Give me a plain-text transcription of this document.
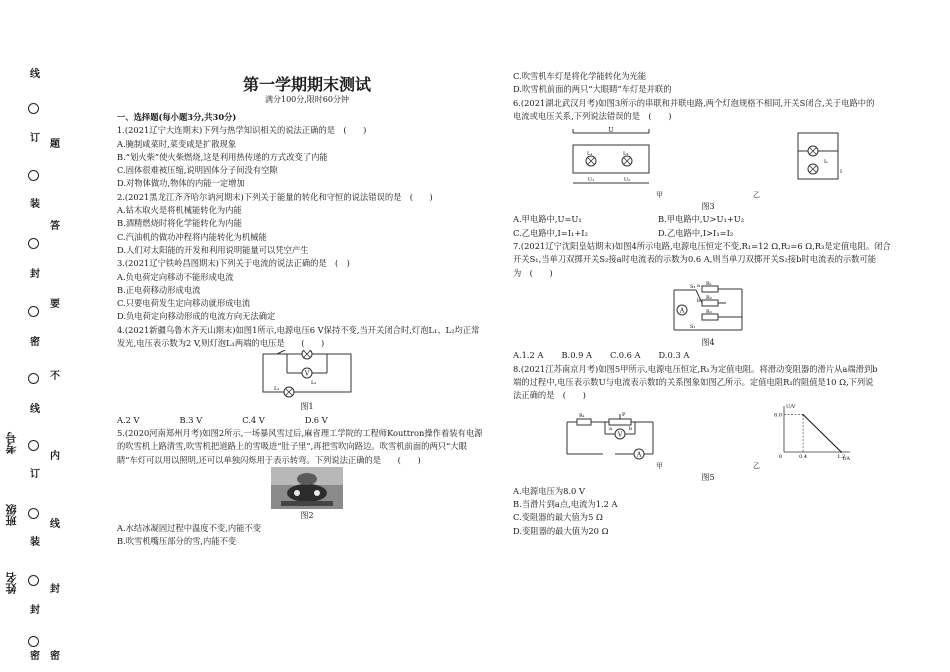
线
订
题
装
答
封
要
密
不
线
订
内
装
线
封
封
密 密
考号
班级
姓名
第一学期期末测试
满分100分,限时60分钟

一、选择题(每小题3分,共30分)

1.(2021辽宁大连期末)下列与热学知识相关的说法正确的是　(　　)

A.腌制咸菜时,菜变咸是扩散现象

B.“划火柴”使火柴燃烧,这是利用热传递的方式改变了内能

C.固体很难被压缩,说明固体分子间没有空隙

D.对物体做功,物体的内能一定增加

2.(2021黑龙江齐齐哈尔讷河期末)下列关于能量的转化和守恒的说法错误的是　(　　)

A.钻木取火是将机械能转化为内能

B.酒精燃烧时将化学能转化为内能

C.汽油机的做功冲程将内能转化为机械能

D.人们对太阳能的开发和利用说明能量可以凭空产生

3.(2021辽宁铁岭昌图期末)下列关于电流的说法正确的是　(　)

A.负电荷定向移动不能形成电流

B.正电荷移动形成电流

C.只要电荷发生定向移动就形成电流

D.负电荷定向移动形成的电流方向无法确定

4.(2021新疆乌鲁木齐天山期末)如图1所示,电源电压6 V保持不变,当开关闭合时,灯泡L₁、L₂均正常

发光,电压表示数为2 V,则灯泡L₁两端的电压是　　(　　)

V
L₁
L₂

图1

A.2 V	B.3 V	C.4 V	D.6 V

5.(2020河南郑州月考)如图2所示,一场暴风雪过后,麻省理工学院的工程师Kouttron操作着装有电源

的吹雪机上路清雪,吹雪机把道路上的雪吸进“肚子里”,再把雪吹向路边。吹雪机前面的两只“大眼

睛”车灯可以用以照明,还可以单独闪烁用于表示转弯。下列说法正确的是　　(　　)

图2

A.水结冰凝固过程中温度不变,内能不变

B.吹雪机嘴压部分的雪,内能不变

C.吹雪机车灯是将化学能转化为光能

D.吹雪机前面的两只“大眼睛”车灯是并联的

6.(2021湖北武汉月考)如图3所示的串联和并联电路,两个灯泡规格不相同,开关S闭合,关于电路中的

电流或电压关系,下列说法错误的是　(　　)

U
U₁	U₂
L₁	L₂
I₁
I
甲	乙

图3

A.甲电路中,U=U₁	B.甲电路中,U>U₁+U₂

C.乙电路中,I=I₁+I₂	D.乙电路中,I>I₁=I₂

7.(2021辽宁沈阳皇姑期末)如图4所示电路,电源电压恒定不变,R₁=12 Ω,R₂=6 Ω,R₃是定值电阻。闭合

开关S₁,当单刀双掷开关S₂接a时电流表的示数为0.6 A,则当单刀双掷开关S₂接b时电流表的示数可能

为　(　　)

A
R₁
R₂
R₃
S₂
S₁
b
a

图4

A.1.2 A B.0.9 A C.0.6 A D.0.3 A

8.(2021江苏南京月考)如图5甲所示,电源电压恒定,R₁为定值电阻。将滑动变阻器的滑片从a端滑到b

端的过程中,电压表示数U与电流表示数I的关系图象如图乙所示。定值电阻R₁的阻值是10 Ω,下列说

法正确的是　(　　)

V
A
R₁	P
a	b
I/A
U/V
0	0.4	1.2
8.0
甲	乙

图5

A.电源电压为8.0 V

B.当滑片到a点,电流为1.2 A

C.变阻器的最大值为5 Ω

D.变阻器的最大值为20 Ω
